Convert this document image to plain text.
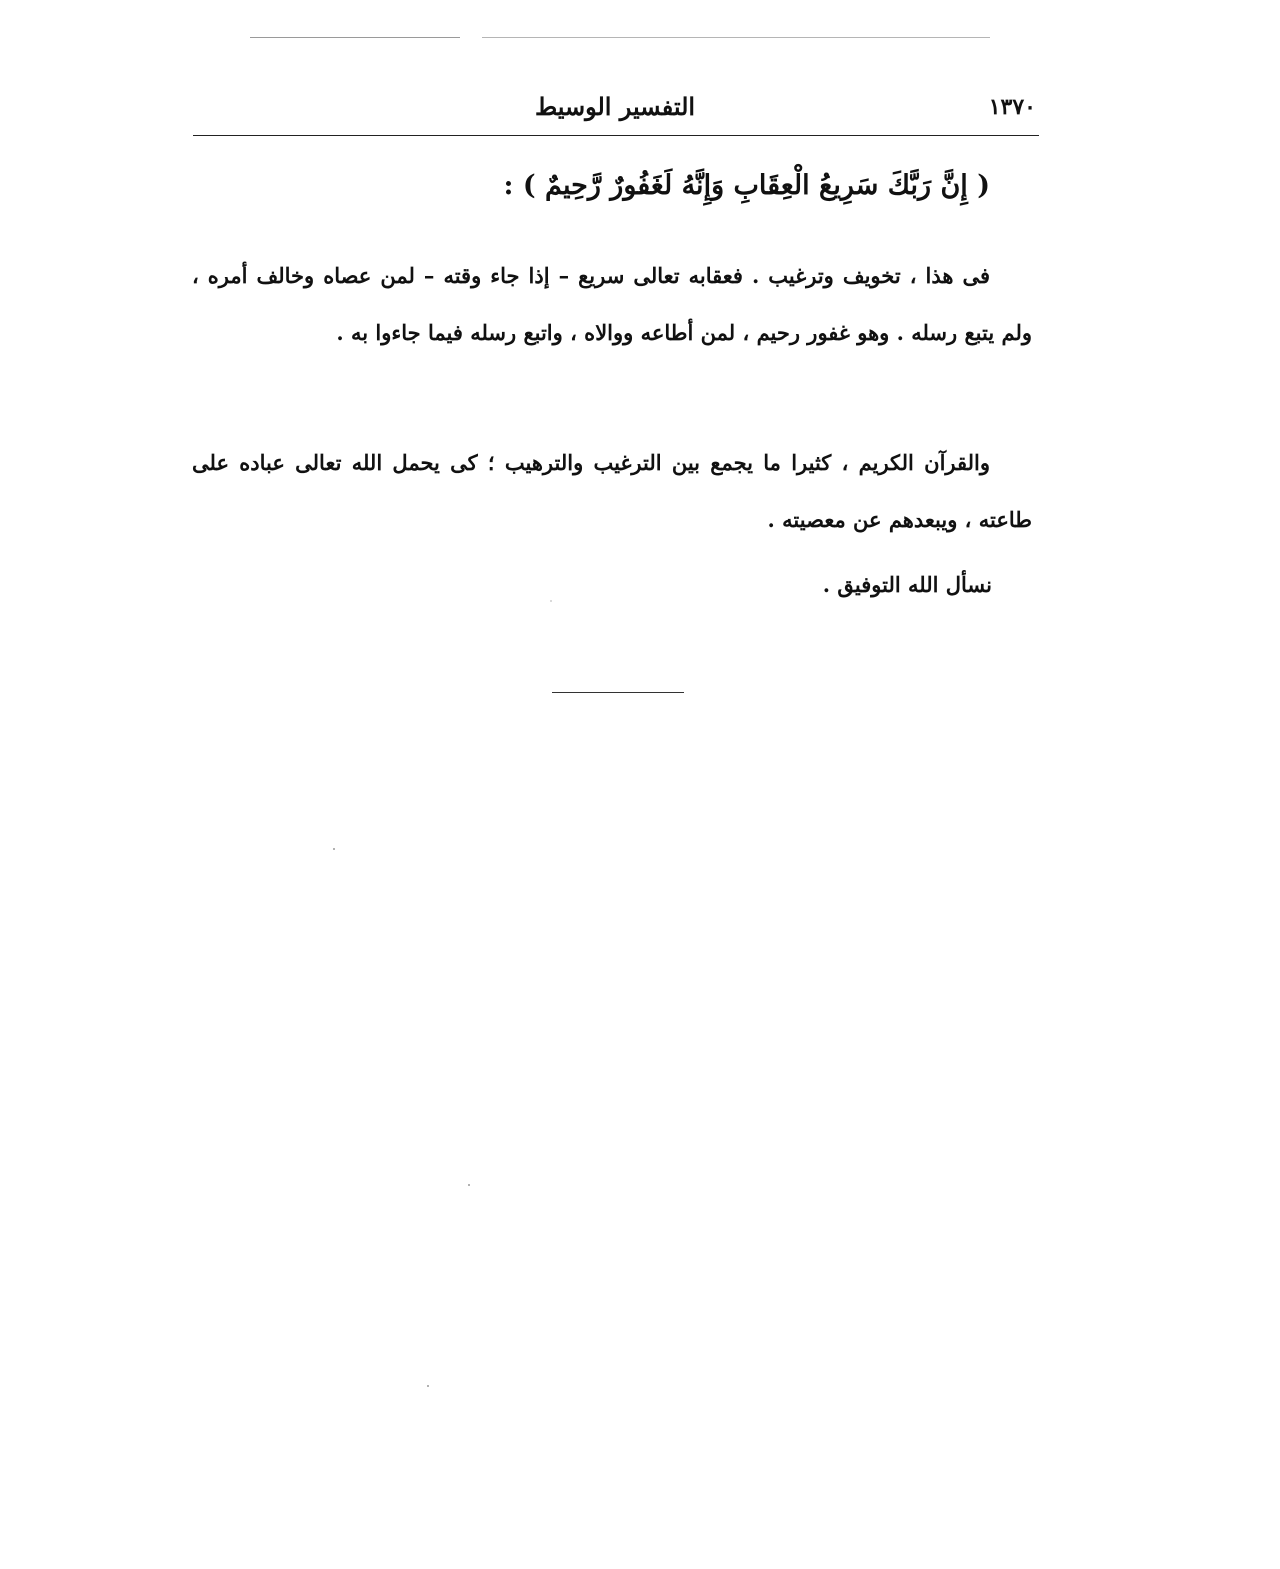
١٣٧٠
التفسير الوسيط
( إِنَّ رَبَّكَ سَرِيعُ الْعِقَابِ وَإِنَّهُ لَغَفُورٌ رَّحِيمٌ ) :

فى هذا ، تخويف وترغيب . فعقابه تعالى سريع – إذا جاء وقته – لمن عصاه وخالف أمره ، ولم يتبع رسله . وهو غفور رحيم ، لمن أطاعه ووالاه ، واتبع رسله فيما جاءوا به .

والقرآن الكريم ، كثيرا ما يجمع بين الترغيب والترهيب ؛ كى يحمل الله تعالى عباده على طاعته ، ويبعدهم عن معصيته .

نسأل الله التوفيق .
